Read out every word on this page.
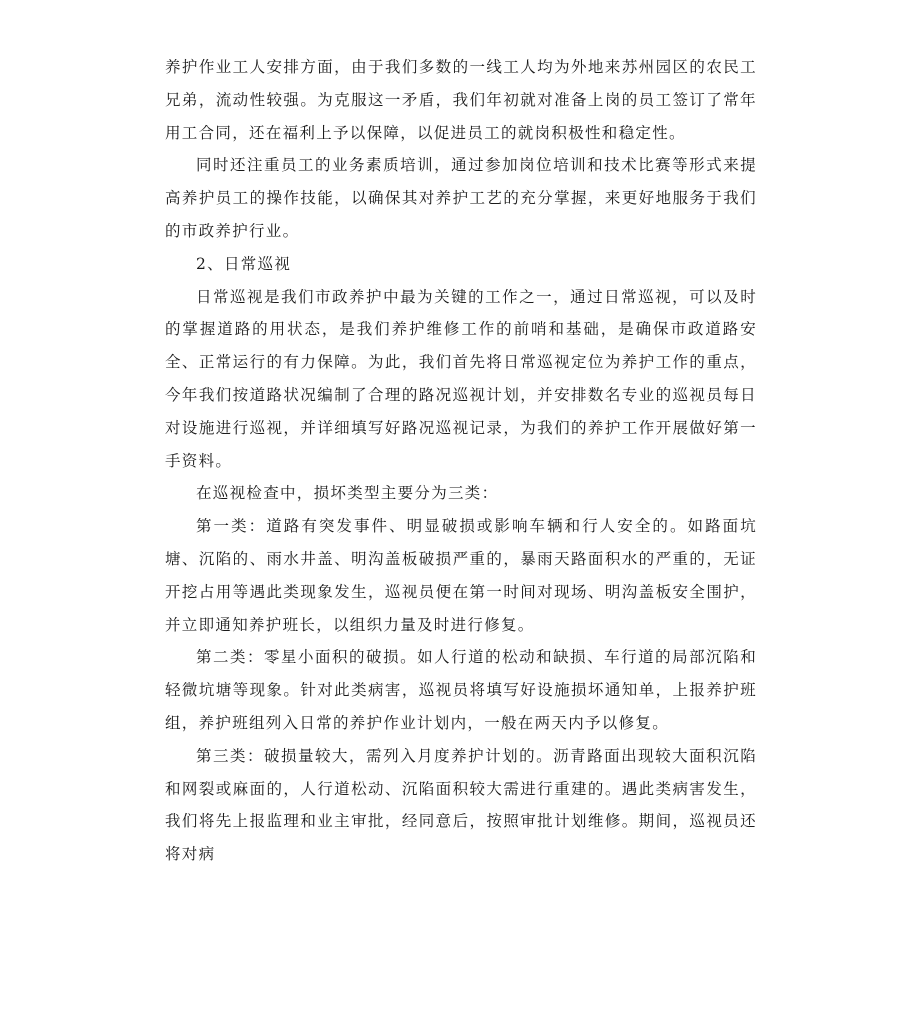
养护作业工人安排方面，由于我们多数的一线工人均为外地来苏州园区的农民工兄弟，流动性较强。为克服这一矛盾，我们年初就对准备上岗的员工签订了常年用工合同，还在福利上予以保障，以促进员工的就岗积极性和稳定性。

同时还注重员工的业务素质培训，通过参加岗位培训和技术比赛等形式来提高养护员工的操作技能，以确保其对养护工艺的充分掌握，来更好地服务于我们的市政养护行业。

2、日常巡视

日常巡视是我们市政养护中最为关键的工作之一，通过日常巡视，可以及时的掌握道路的用状态，是我们养护维修工作的前哨和基础，是确保市政道路安全、正常运行的有力保障。为此，我们首先将日常巡视定位为养护工作的重点，今年我们按道路状况编制了合理的路况巡视计划，并安排数名专业的巡视员每日对设施进行巡视，并详细填写好路况巡视记录，为我们的养护工作开展做好第一手资料。

在巡视检查中，损坏类型主要分为三类：

第一类：道路有突发事件、明显破损或影响车辆和行人安全的。如路面坑塘、沉陷的、雨水井盖、明沟盖板破损严重的，暴雨天路面积水的严重的，无证开挖占用等遇此类现象发生，巡视员便在第一时间对现场、明沟盖板安全围护，并立即通知养护班长，以组织力量及时进行修复。

第二类：零星小面积的破损。如人行道的松动和缺损、车行道的局部沉陷和轻微坑塘等现象。针对此类病害，巡视员将填写好设施损坏通知单，上报养护班组，养护班组列入日常的养护作业计划内，一般在两天内予以修复。

第三类：破损量较大，需列入月度养护计划的。沥青路面出现较大面积沉陷和网裂或麻面的，人行道松动、沉陷面积较大需进行重建的。遇此类病害发生，我们将先上报监理和业主审批，经同意后，按照审批计划维修。期间，巡视员还将对病
